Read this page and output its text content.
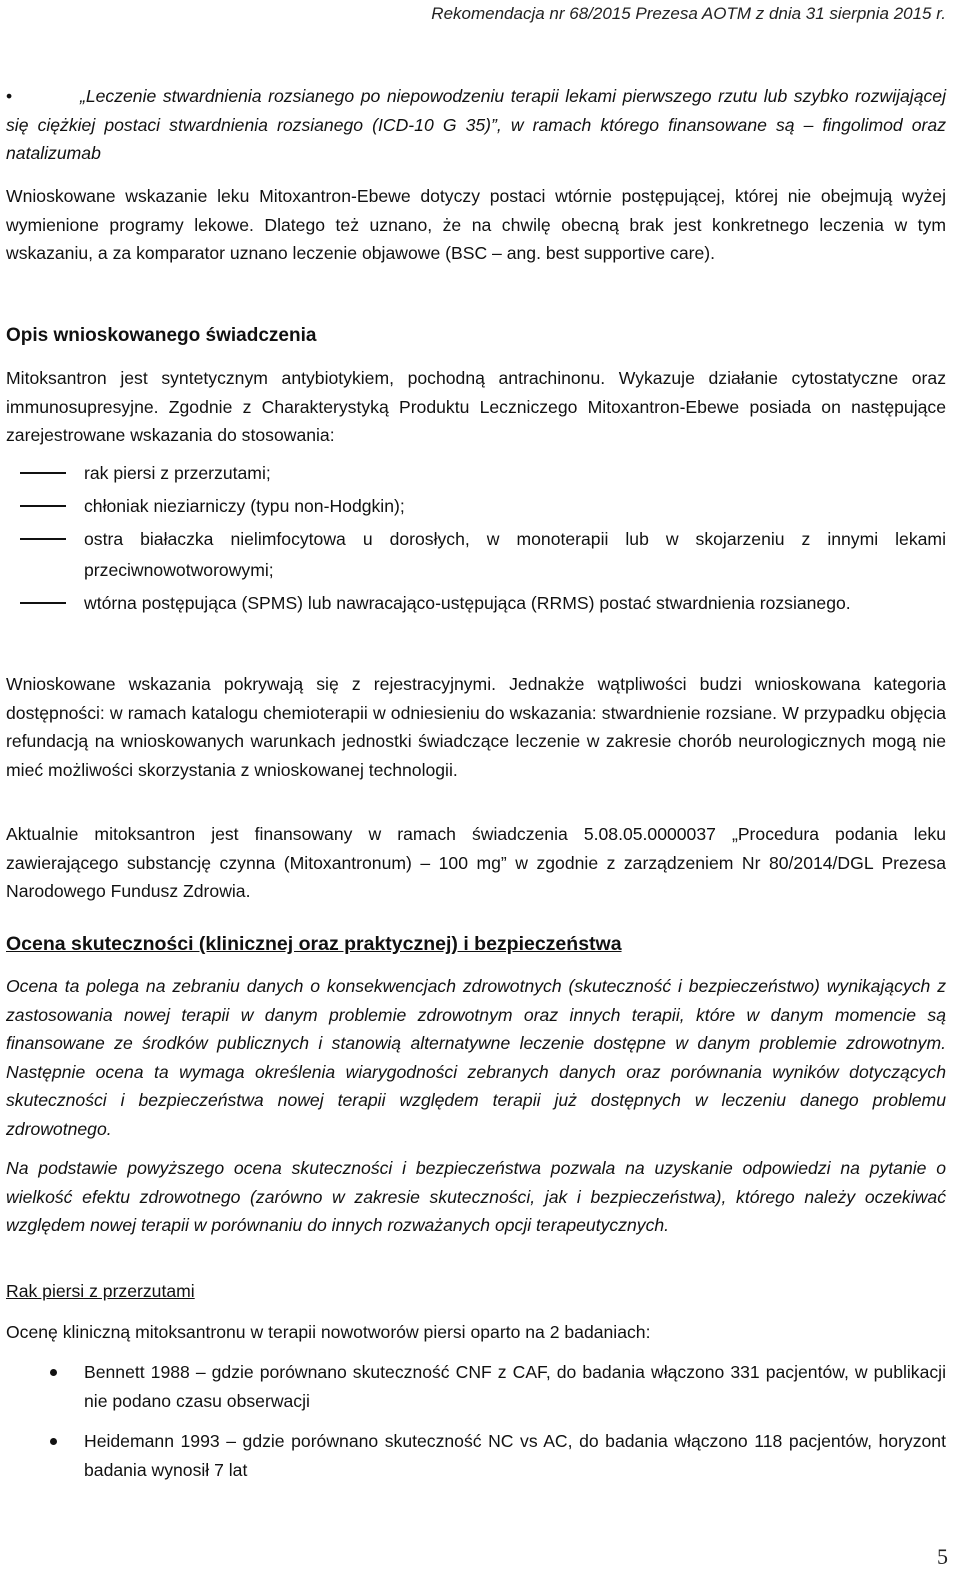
Rekomendacja nr 68/2015 Prezesa AOTM z dnia 31 sierpnia 2015 r.
•	„Leczenie stwardnienia rozsianego po niepowodzeniu terapii lekami pierwszego rzutu lub szybko rozwijającej się ciężkiej postaci stwardnienia rozsianego (ICD-10 G 35)”, w ramach którego finansowane są – fingolimod oraz natalizumab

Wnioskowane wskazanie leku Mitoxantron-Ebewe dotyczy postaci wtórnie postępującej, której nie obejmują wyżej wymienione programy lekowe. Dlatego też uznano, że na chwilę obecną brak jest konkretnego leczenia w tym wskazaniu, a za komparator uznano leczenie objawowe (BSC – ang. best supportive care).

Opis wnioskowanego świadczenia

Mitoksantron jest syntetycznym antybiotykiem, pochodną antrachinonu. Wykazuje działanie cytostatyczne oraz immunosupresyjne. Zgodnie z Charakterystyką Produktu Leczniczego Mitoxantron-Ebewe posiada on następujące zarejestrowane wskazania do stosowania:

rak piersi z przerzutami;
chłoniak nieziarniczy (typu non-Hodgkin);
ostra białaczka nielimfocytowa u dorosłych, w monoterapii lub w skojarzeniu z innymi lekami przeciwnowotworowymi;
wtórna postępująca (SPMS) lub nawracająco-ustępująca (RRMS) postać stwardnienia rozsianego.

Wnioskowane wskazania pokrywają się z rejestracyjnymi. Jednakże wątpliwości budzi wnioskowana kategoria dostępności: w ramach katalogu chemioterapii w odniesieniu do wskazania: stwardnienie rozsiane. W przypadku objęcia refundacją na wnioskowanych warunkach jednostki świadczące leczenie w zakresie chorób neurologicznych mogą nie mieć możliwości skorzystania z wnioskowanej technologii.

Aktualnie mitoksantron jest finansowany w ramach świadczenia 5.08.05.0000037 „Procedura podania leku zawierającego substancję czynna (Mitoxantronum) – 100 mg” w zgodnie z zarządzeniem Nr 80/2014/DGL Prezesa Narodowego Fundusz Zdrowia.

Ocena skuteczności (klinicznej oraz praktycznej) i bezpieczeństwa

Ocena ta polega na zebraniu danych o konsekwencjach zdrowotnych (skuteczność i bezpieczeństwo) wynikających z zastosowania nowej terapii w danym problemie zdrowotnym oraz innych terapii, które w danym momencie są finansowane ze środków publicznych i stanowią alternatywne leczenie dostępne w danym problemie zdrowotnym. Następnie ocena ta wymaga określenia wiarygodności zebranych danych oraz porównania wyników dotyczących skuteczności i bezpieczeństwa nowej terapii względem terapii już dostępnych w leczeniu danego problemu zdrowotnego.

Na podstawie powyższego ocena skuteczności i bezpieczeństwa pozwala na uzyskanie odpowiedzi na pytanie o wielkość efektu zdrowotnego (zarówno w zakresie skuteczności, jak i bezpieczeństwa), którego należy oczekiwać względem nowej terapii w porównaniu do innych rozważanych opcji terapeutycznych.

Rak piersi z przerzutami

Ocenę kliniczną mitoksantronu w terapii nowotworów piersi oparto na 2 badaniach:

Bennett 1988 – gdzie porównano skuteczność CNF z CAF, do badania włączono 331 pacjentów, w publikacji nie podano czasu obserwacji
Heidemann 1993 – gdzie porównano skuteczność NC vs AC, do badania włączono 118 pacjentów, horyzont badania wynosił 7 lat
5
